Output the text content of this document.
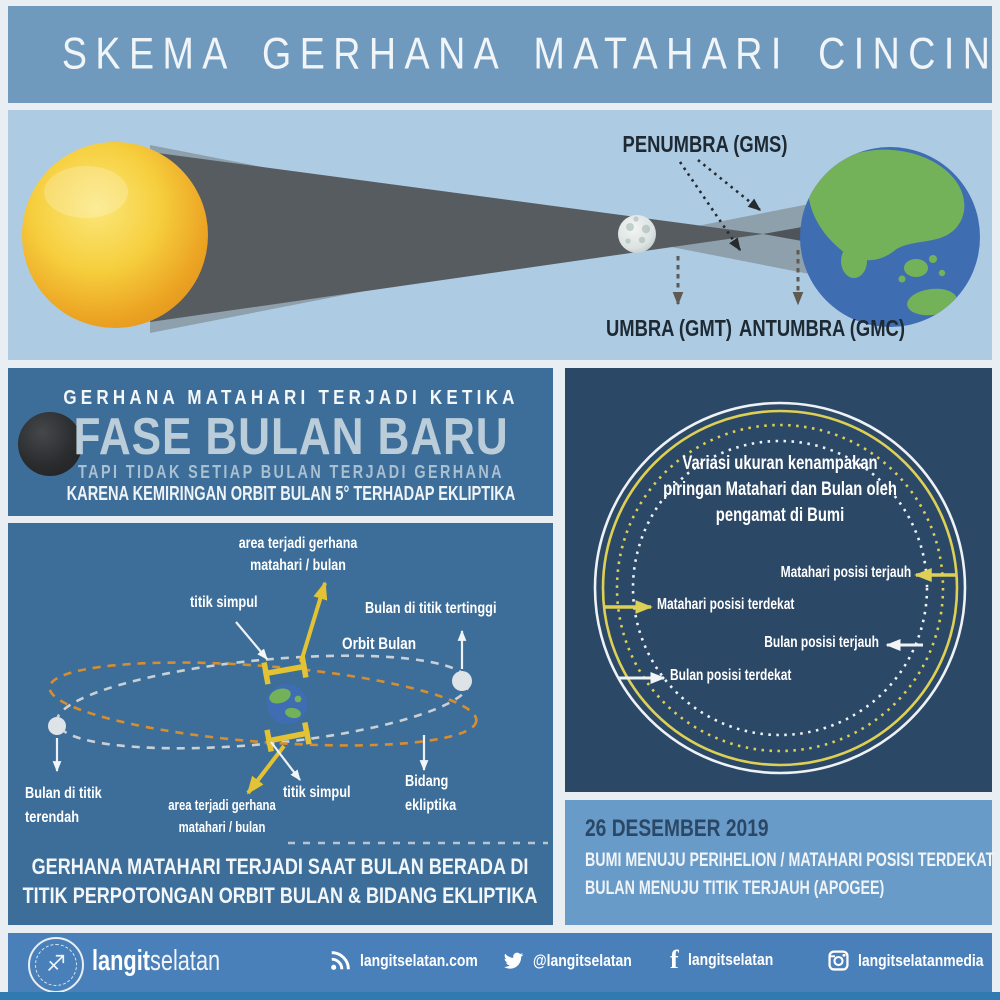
SKEMA GERHANA MATAHARI CINCIN
PENUMBRA (GMS)
UMBRA (GMT) ANTUMBRA (GMC)
GERHANA MATAHARI TERJADI KETIKA
FASE BULAN BARU
TAPI TIDAK SETIAP BULAN TERJADI GERHANA
KARENA KEMIRINGAN ORBIT BULAN 5° TERHADAP EKLIPTIKA
area terjadi gerhana
matahari / bulan
titik simpul	Bulan di titik tertinggi
Orbit Bulan
Bulan di titik
terendah
area terjadi gerhana
matahari / bulan
titik simpul
Bidang
ekliptika
GERHANA MATAHARI TERJADI SAAT BULAN BERADA DI
TITIK PERPOTONGAN ORBIT BULAN & BIDANG EKLIPTIKA
Variasi ukuran kenampakan
piringan Matahari dan Bulan oleh
pengamat di Bumi
Matahari posisi terjauh
Matahari posisi terdekat
Bulan posisi terjauh
Bulan posisi terdekat
26 DESEMBER 2019
BUMI MENUJU PERIHELION / MATAHARI POSISI TERDEKAT
BULAN MENUJU TITIK TERJAUH (APOGEE)
♐ langitselatan	langitselatan.com	@langitselatan f langitselatan	langitselatanmedia
